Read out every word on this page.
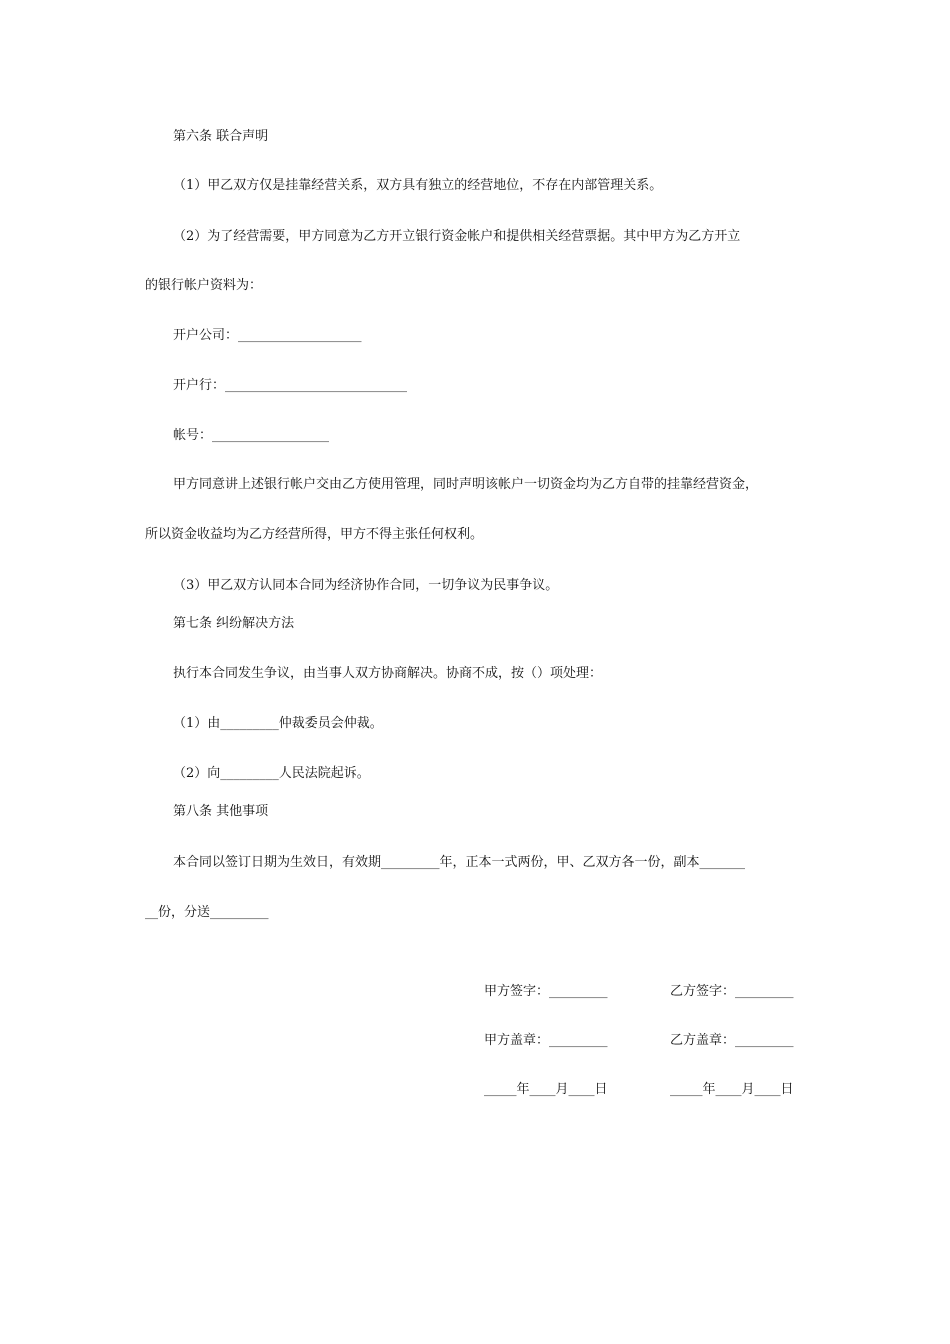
第六条 联合声明
（1）甲乙双方仅是挂靠经营关系，双方具有独立的经营地位，不存在内部管理关系。
（2）为了经营需要，甲方同意为乙方开立银行资金帐户和提供相关经营票据。其中甲方为乙方开立
的银行帐户资料为：
开户公司：___________________
开户行：____________________________
帐号：__________________
甲方同意讲上述银行帐户交由乙方使用管理，同时声明该帐户一切资金均为乙方自带的挂靠经营资金，
所以资金收益均为乙方经营所得，甲方不得主张任何权利。
（3）甲乙双方认同本合同为经济协作合同，一切争议为民事争议。
第七条 纠纷解决方法
执行本合同发生争议，由当事人双方协商解决。协商不成，按（）项处理：
（1）由_________仲裁委员会仲裁。
（2）向_________人民法院起诉。
第八条 其他事项
本合同以签订日期为生效日，有效期_________年，正本一式两份，甲、乙双方各一份，副本_______
__份，分送_________
甲方签字：_________	乙方签字：_________
甲方盖章：_________	乙方盖章：_________
_____年____月____日	_____年____月____日
